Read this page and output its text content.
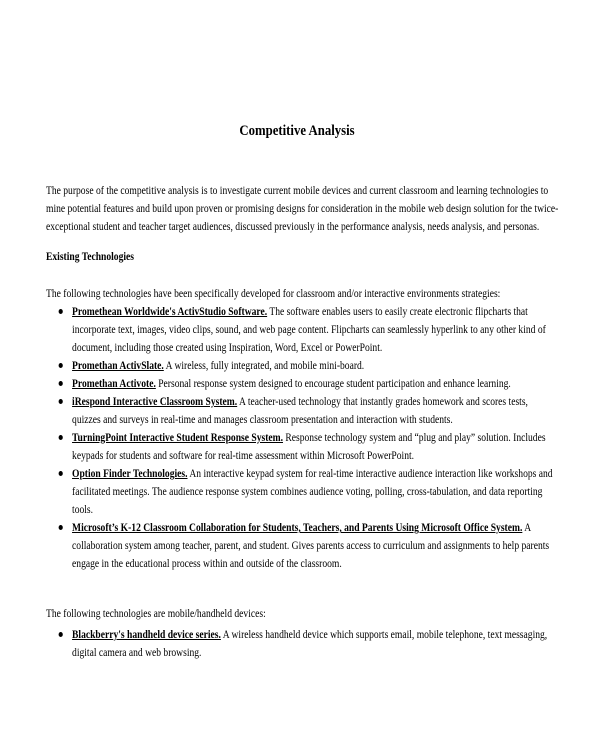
Competitive Analysis
The purpose of the competitive analysis is to investigate current mobile devices and current classroom and learning technologies to
mine potential features and build upon proven or promising designs for consideration in the mobile web design solution for the twice-
exceptional student and teacher target audiences, discussed previously in the performance analysis, needs analysis, and personas.
Existing Technologies
The following technologies have been specifically developed for classroom and/or interactive environments strategies:
Promethean Worldwide's ActivStudio Software. The software enables users to easily create electronic flipcharts that
incorporate text, images, video clips, sound, and web page content. Flipcharts can seamlessly hyperlink to any other kind of
document, including those created using Inspiration, Word, Excel or PowerPoint.
Promethan ActivSlate. A wireless, fully integrated, and mobile mini-board.
Promethan Activote. Personal response system designed to encourage student participation and enhance learning.
iRespond Interactive Classroom System. A teacher-used technology that instantly grades homework and scores tests,
quizzes and surveys in real-time and manages classroom presentation and interaction with students.
TurningPoint Interactive Student Response System. Response technology system and “plug and play” solution. Includes
keypads for students and software for real-time assessment within Microsoft PowerPoint.
Option Finder Technologies. An interactive keypad system for real-time interactive audience interaction like workshops and
facilitated meetings. The audience response system combines audience voting, polling, cross-tabulation, and data reporting
tools.
Microsoft’s K-12 Classroom Collaboration for Students, Teachers, and Parents Using Microsoft Office System. A
collaboration system among teacher, parent, and student. Gives parents access to curriculum and assignments to help parents
engage in the educational process within and outside of the classroom.
The following technologies are mobile/handheld devices:
Blackberry's handheld device series. A wireless handheld device which supports email, mobile telephone, text messaging,
digital camera and web browsing.
